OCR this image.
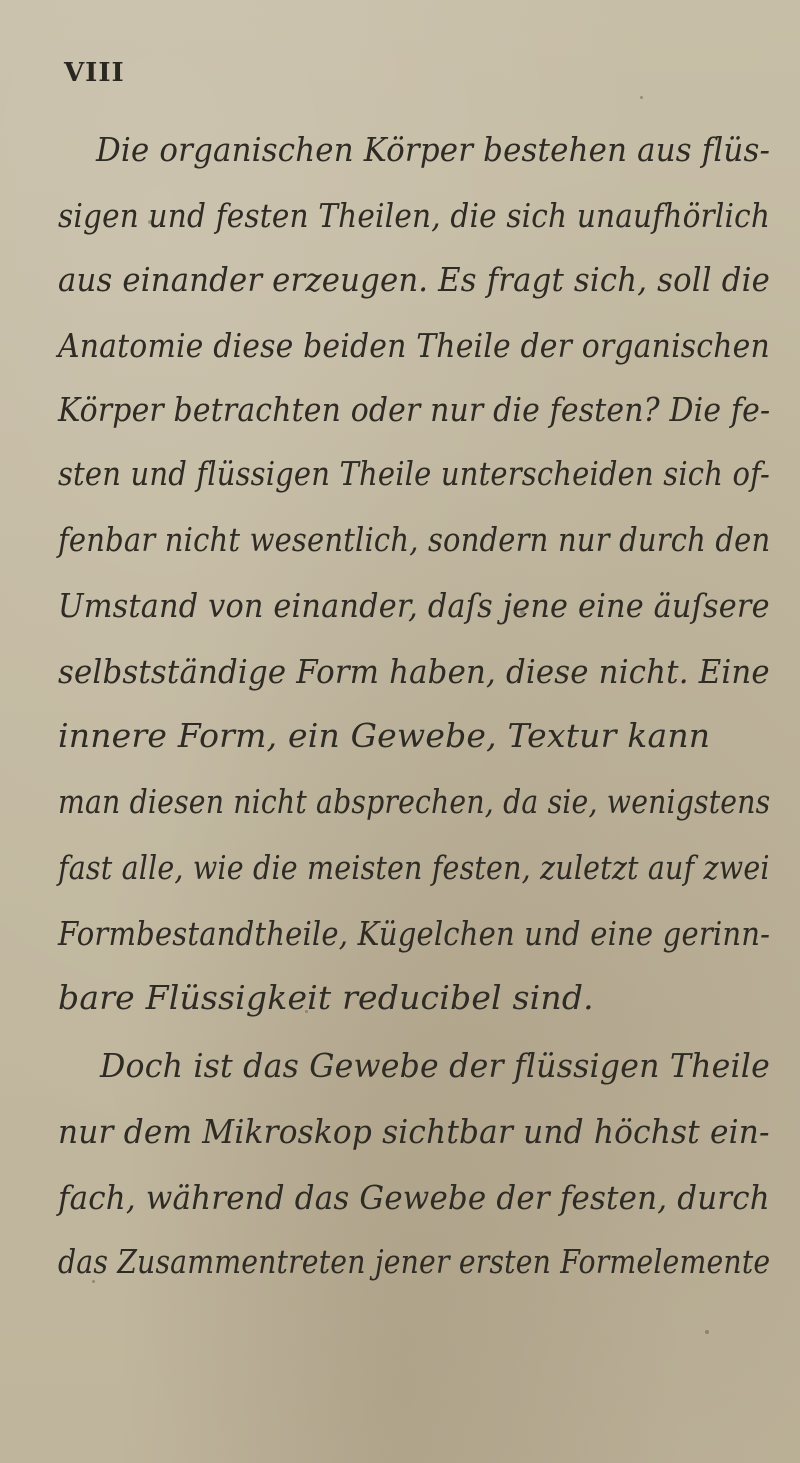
VIII
Die organischen Körper bestehen aus flüs-
sigen und festen Theilen, die sich unaufhörlich
aus einander erzeugen. Es fragt sich, soll die
Anatomie diese beiden Theile der organischen
Körper betrachten oder nur die festen? Die fe-
sten und flüssigen Theile unterscheiden sich of-
fenbar nicht wesentlich, sondern nur durch den
Umstand von einander, daſs jene eine äuſsere
selbstständige Form haben, diese nicht. Eine
innere Form, ein Gewebe, Textur kann
man diesen nicht absprechen, da sie, wenigstens
fast alle, wie die meisten festen, zuletzt auf zwei
Formbestandtheile, Kügelchen und eine gerinn-
bare Flüssigkeit reducibel sind.
Doch ist das Gewebe der flüssigen Theile
nur dem Mikroskop sichtbar und höchst ein-
fach, während das Gewebe der festen, durch
das Zusammentreten jener ersten Formelemente
